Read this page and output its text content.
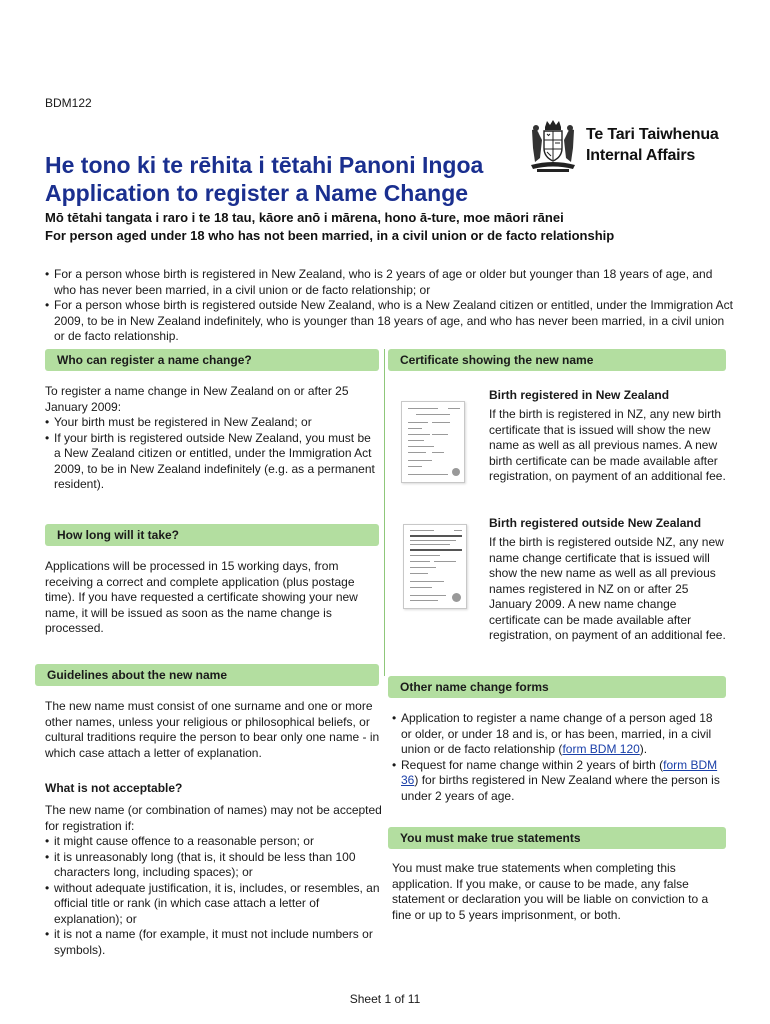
BDM122
Te Tari Taiwhenua
Internal Affairs
He tono ki te rēhita i tētahi Panoni Ingoa
Application to register a Name Change
Mō tētahi tangata i raro i te 18 tau, kāore anō i mārena, hono ā-ture, moe māori rānei
For person aged under 18 who has not been married, in a civil union or de facto relationship
• For a person whose birth is registered in New Zealand, who is 2 years of age or older but younger than 18 years of age, and who has never been married, in a civil union or de facto relationship; or
• For a person whose birth is registered outside New Zealand, who is a New Zealand citizen or entitled, under the Immigration Act 2009, to be in New Zealand indefinitely, who is younger than 18 years of age, and who has never been married, in a civil union or de facto relationship.
Who can register a name change?

To register a name change in New Zealand on or after 25 January 2009:

• Your birth must be registered in New Zealand; or
• If your birth is registered outside New Zealand, you must be a New Zealand citizen or entitled, under the Immigration Act 2009, to be in New Zealand indefinitely (e.g. as a permanent resident).
How long will it take?
Applications will be processed in 15 working days, from receiving a correct and complete application (plus postage time). If you have requested a certificate showing your new name, it will be issued as soon as the name change is processed.
Guidelines about the new name
The new name must consist of one surname and one or more other names, unless your religious or philosophical beliefs, or cultural traditions require the person to bear only one name - in which case attach a letter of explanation.
What is not acceptable?

The new name (or combination of names) may not be accepted for registration if:

• it might cause offence to a reasonable person; or
• it is unreasonably long (that is, it should be less than 100 characters long, including spaces); or
• without adequate justification, it is, includes, or resembles, an official title or rank (in which case attach a letter of explanation); or
• it is not a name (for example, it must not include numbers or symbols).
Certificate showing the new name
Birth registered in New Zealand
If the birth is registered in NZ, any new birth certificate that is issued will show the new name as well as all previous names. A new birth certificate can be made available after registration, on payment of an additional fee.
Birth registered outside New Zealand
If the birth is registered outside NZ, any new name change certificate that is issued will show the new name as well as all previous names registered in NZ on or after 25 January 2009. A new name change certificate can be made available after registration, on payment of an additional fee.
Other name change forms
• Application to register a name change of a person aged 18 or older, or under 18 and is, or has been, married, in a civil union or de facto relationship (form BDM 120).
• Request for name change within 2 years of birth (form BDM 36) for births registered in New Zealand where the person is under 2 years of age.
You must make true statements
You must make true statements when completing this application. If you make, or cause to be made, any false statement or declaration you will be liable on conviction to a fine or up to 5 years imprisonment, or both.
Sheet 1 of 11
